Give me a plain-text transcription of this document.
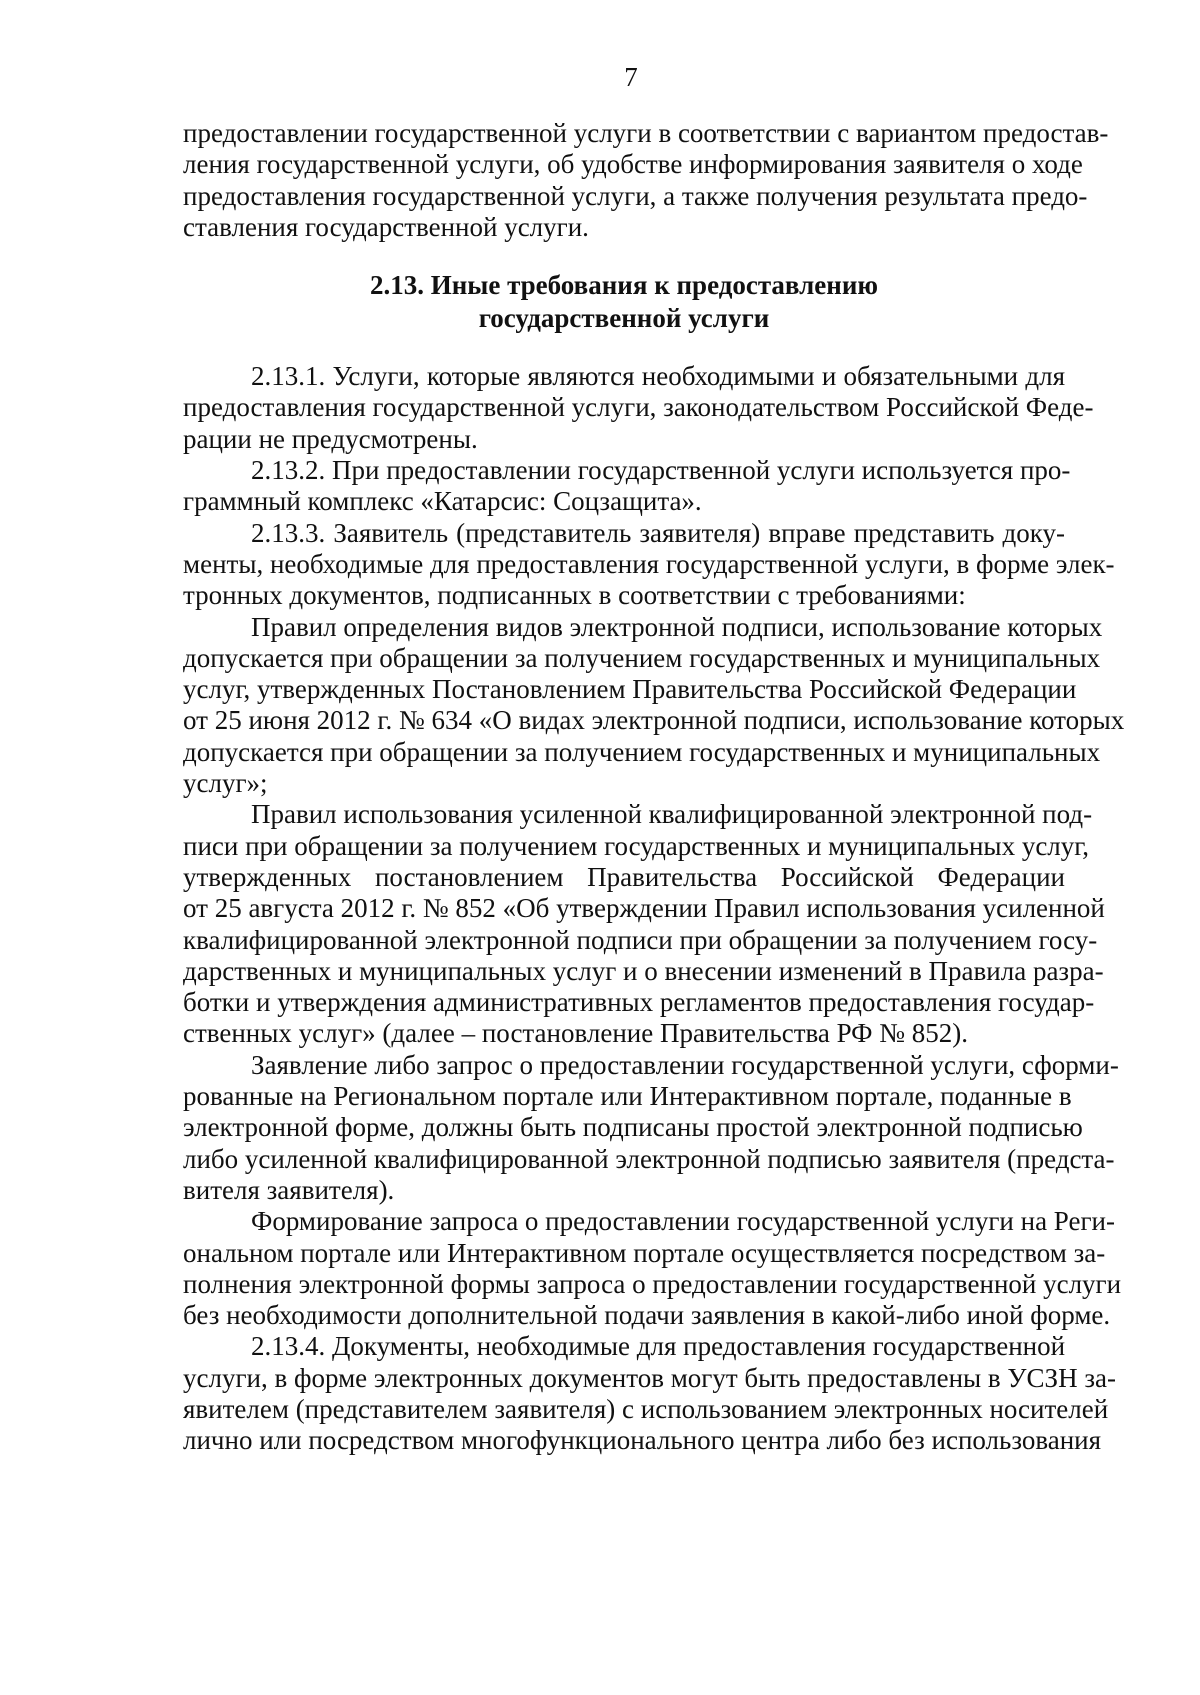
7
предоставлении государственной услуги в соответствии с вариантом предостав-
ления государственной услуги, об удобстве информирования заявителя о ходе
предоставления государственной услуги, а также получения результата предо-
ставления государственной услуги.
2.13. Иные требования к предоставлению
государственной услуги
2.13.1. Услуги, которые являются необходимыми и обязательными для
предоставления государственной услуги, законодательством Российской Феде-
рации не предусмотрены.
2.13.2. При предоставлении государственной услуги используется про-
граммный комплекс «Катарсис: Соцзащита».
2.13.3. Заявитель (представитель заявителя) вправе представить доку-
менты, необходимые для предоставления государственной услуги, в форме элек-
тронных документов, подписанных в соответствии с требованиями:
Правил определения видов электронной подписи, использование которых
допускается при обращении за получением государственных и муниципальных
услуг, утвержденных Постановлением Правительства Российской Федерации
от 25 июня 2012 г. № 634 «О видах электронной подписи, использование которых
допускается при обращении за получением государственных и муниципальных
услуг»;
Правил использования усиленной квалифицированной электронной под-
писи при обращении за получением государственных и муниципальных услуг,
утвержденных постановлением Правительства Российской Федерации
от 25 августа 2012 г. № 852 «Об утверждении Правил использования усиленной
квалифицированной электронной подписи при обращении за получением госу-
дарственных и муниципальных услуг и о внесении изменений в Правила разра-
ботки и утверждения административных регламентов предоставления государ-
ственных услуг» (далее – постановление Правительства РФ № 852).
Заявление либо запрос о предоставлении государственной услуги, сформи-
рованные на Региональном портале или Интерактивном портале, поданные в
электронной форме, должны быть подписаны простой электронной подписью
либо усиленной квалифицированной электронной подписью заявителя (предста-
вителя заявителя).
Формирование запроса о предоставлении государственной услуги на Реги-
ональном портале или Интерактивном портале осуществляется посредством за-
полнения электронной формы запроса о предоставлении государственной услуги
без необходимости дополнительной подачи заявления в какой-либо иной форме.
2.13.4. Документы, необходимые для предоставления государственной
услуги, в форме электронных документов могут быть предоставлены в УСЗН за-
явителем (представителем заявителя) с использованием электронных носителей
лично или посредством многофункционального центра либо без использования
